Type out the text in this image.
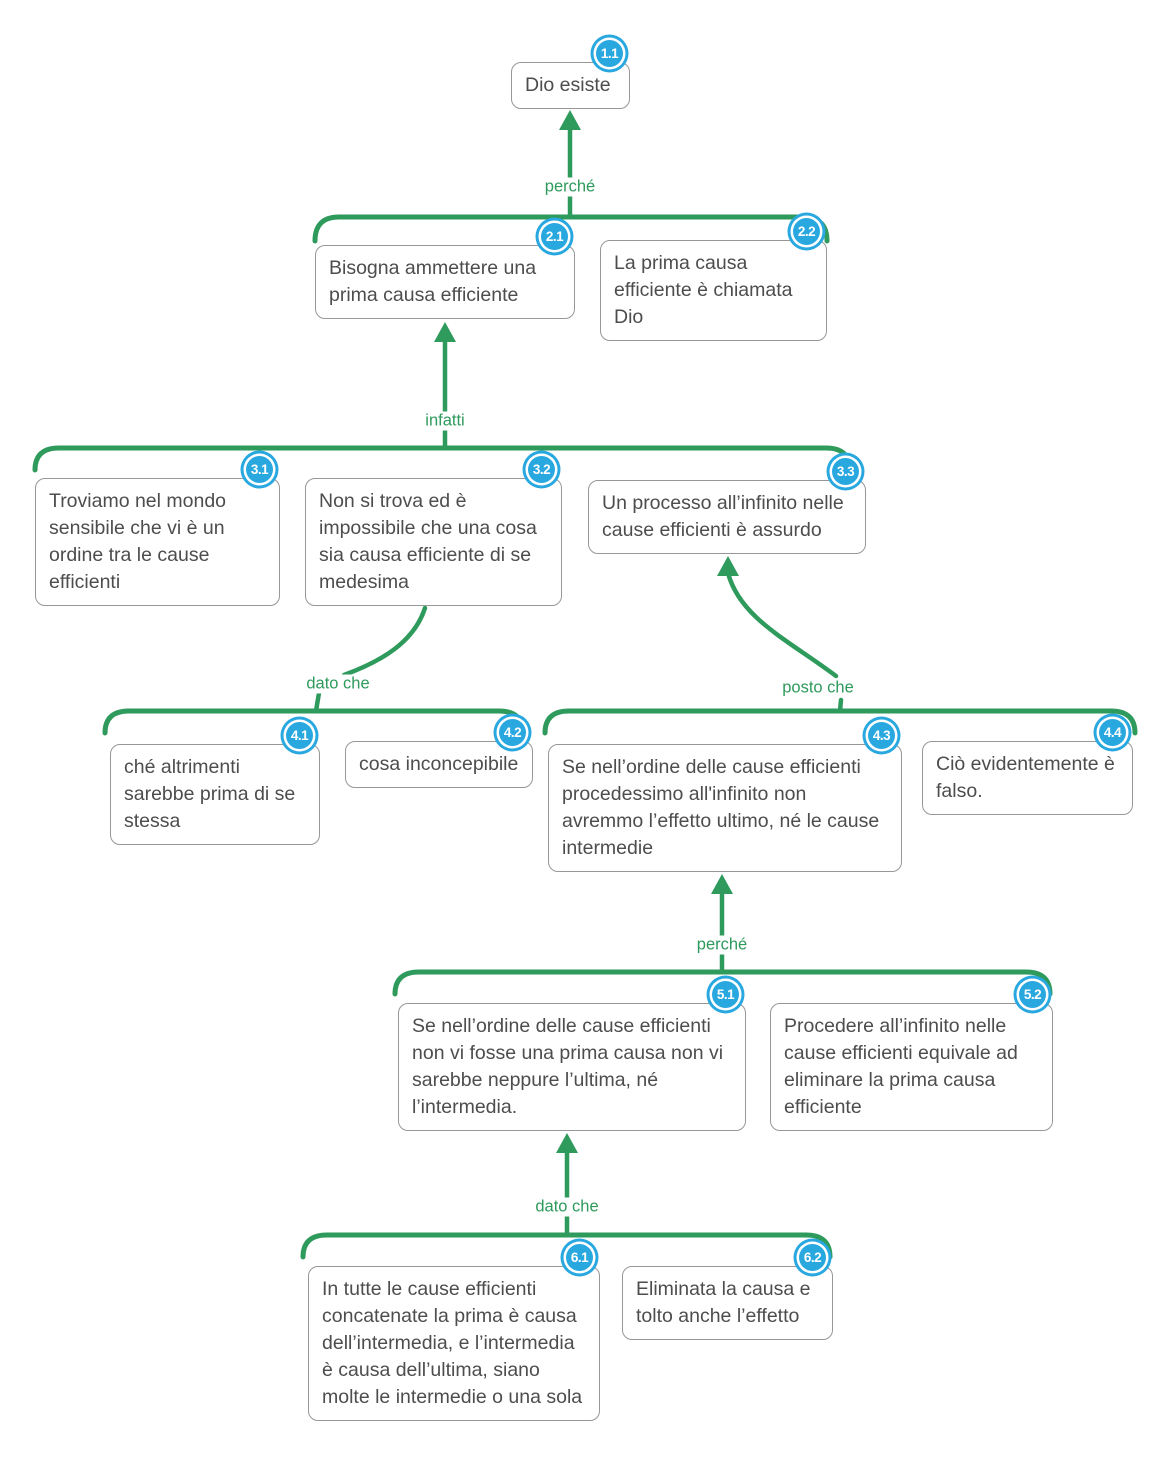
perché
infatti
dato che	posto che
perché
dato che
1.1
Dio esiste
2.1
Bisogna ammettere una prima causa efficiente
2.2
La prima causa efficiente è chiamata Dio
3.1
Troviamo nel mondo sensibile che vi è un ordine tra le cause efficienti
3.2
Non si trova ed è impossibile che una cosa sia causa efficiente di se medesima
3.3
Un processo all’infinito nelle cause efficienti è assurdo
4.1
ché altrimenti sarebbe prima di se stessa
4.2
cosa inconcepibile
4.3
Se nell’ordine delle cause efficienti procedessimo all'infinito non avremmo l’effetto ultimo, né le cause intermedie
4.4
Ciò evidentemente è falso.
5.1
Se nell’ordine delle cause efficienti non vi fosse una prima causa non vi sarebbe neppure l’ultima, né l’intermedia.
5.2
Procedere all’infinito nelle cause efficienti equivale ad eliminare la prima causa efficiente
6.1
In tutte le cause efficienti concatenate la prima è causa dell’intermedia, e l’intermedia è causa dell’ultima, siano molte le intermedie o una sola
6.2
Eliminata la causa e tolto anche l’effetto
